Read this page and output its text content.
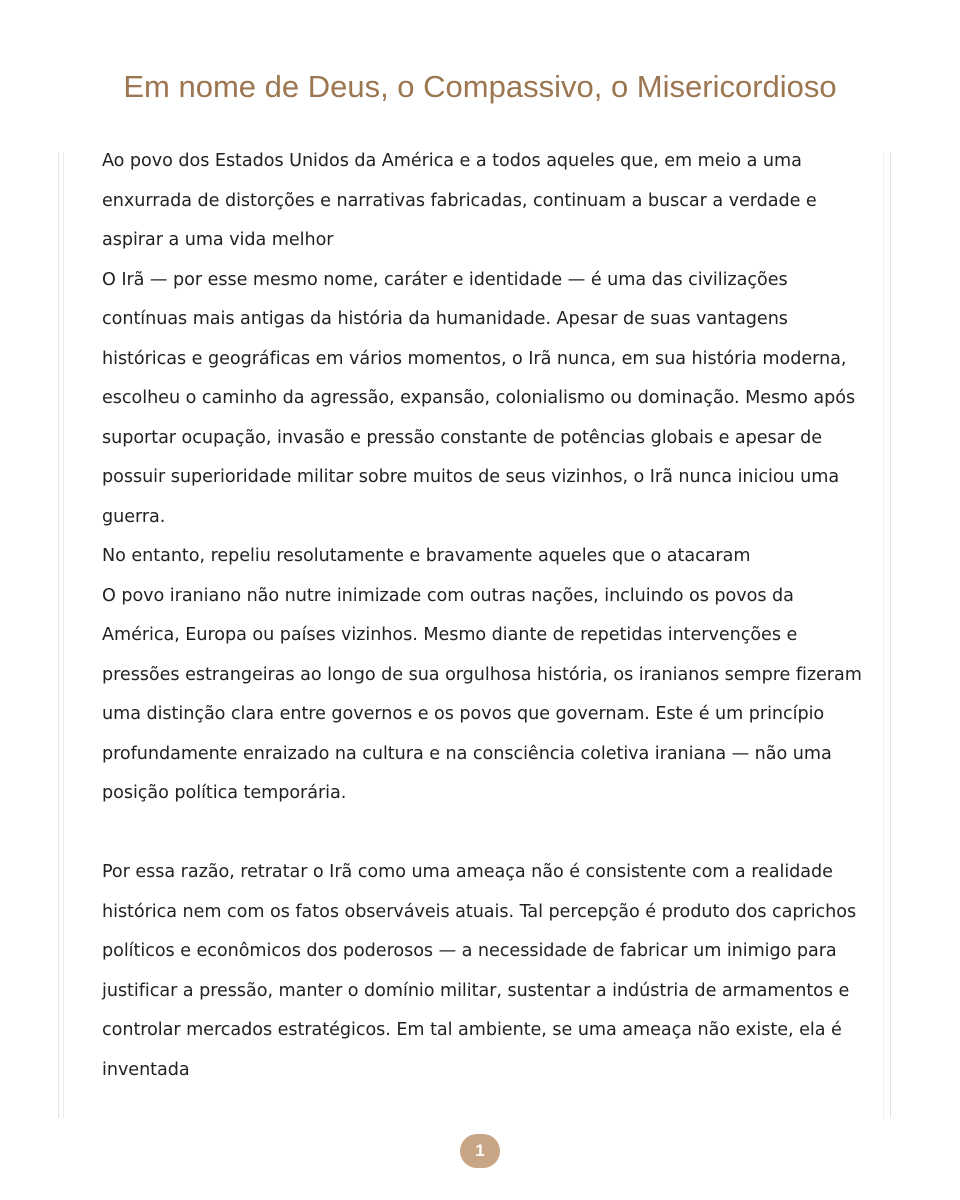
Em nome de Deus, o Compassivo, o Misericordioso

Ao povo dos Estados Unidos da América e a todos aqueles que, em meio a uma enxurrada de distorções e narrativas fabricadas, continuam a buscar a verdade e aspirar a uma vida melhor

O Irã — por esse mesmo nome, caráter e identidade — é uma das civilizações contínuas mais antigas da história da humanidade. Apesar de suas vantagens históricas e geográficas em vários momentos, o Irã nunca, em sua história moderna, escolheu o caminho da agressão, expansão, colonialismo ou dominação. Mesmo após suportar ocupação, invasão e pressão constante de potências globais e apesar de possuir superioridade militar sobre muitos de seus vizinhos, o Irã nunca iniciou uma guerra.

No entanto, repeliu resolutamente e bravamente aqueles que o atacaram

O povo iraniano não nutre inimizade com outras nações, incluindo os povos da América, Europa ou países vizinhos. Mesmo diante de repetidas intervenções e pressões estrangeiras ao longo de sua orgulhosa história, os iranianos sempre fizeram uma distinção clara entre governos e os povos que governam. Este é um princípio profundamente enraizado na cultura e na consciência coletiva iraniana — não uma posição política temporária.

Por essa razão, retratar o Irã como uma ameaça não é consistente com a realidade histórica nem com os fatos observáveis atuais. Tal percepção é produto dos caprichos políticos e econômicos dos poderosos — a necessidade de fabricar um inimigo para justificar a pressão, manter o domínio militar, sustentar a indústria de armamentos e controlar mercados estratégicos. Em tal ambiente, se uma ameaça não existe, ela é inventada

1
